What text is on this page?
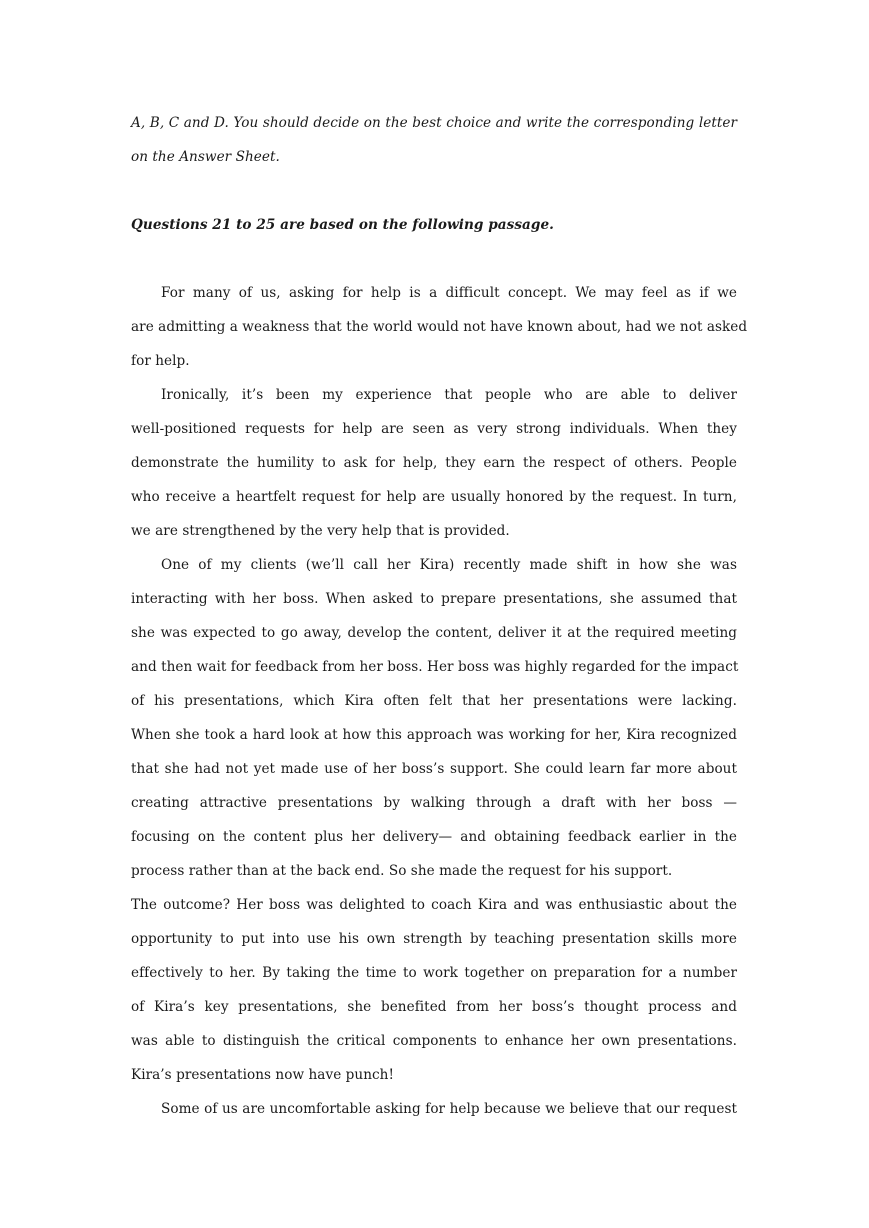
A, B, C and D. You should decide on the best choice and write the corresponding letter
on the Answer Sheet.
Questions 21 to 25 are based on the following passage.
For many of us, asking for help is a difficult concept. We may feel as if we
are admitting a weakness that the world would not have known about, had we not asked
for help.
Ironically, it’s been my experience that people who are able to deliver
well-positioned requests for help are seen as very strong individuals. When they
demonstrate the humility to ask for help, they earn the respect of others. People
who receive a heartfelt request for help are usually honored by the request. In turn,
we are strengthened by the very help that is provided.
One of my clients (we’ll call her Kira) recently made shift in how she was
interacting with her boss. When asked to prepare presentations, she assumed that
she was expected to go away, develop the content, deliver it at the required meeting
and then wait for feedback from her boss. Her boss was highly regarded for the impact
of his presentations, which Kira often felt that her presentations were lacking.
When she took a hard look at how this approach was working for her, Kira recognized
that she had not yet made use of her boss’s support. She could learn far more about
creating attractive presentations by walking through a draft with her boss —
focusing on the content plus her delivery— and obtaining feedback earlier in the
process rather than at the back end. So she made the request for his support.
The outcome? Her boss was delighted to coach Kira and was enthusiastic about the
opportunity to put into use his own strength by teaching presentation skills more
effectively to her. By taking the time to work together on preparation for a number
of Kira’s key presentations, she benefited from her boss’s thought process and
was able to distinguish the critical components to enhance her own presentations.
Kira’s presentations now have punch!
Some of us are uncomfortable asking for help because we believe that our request
